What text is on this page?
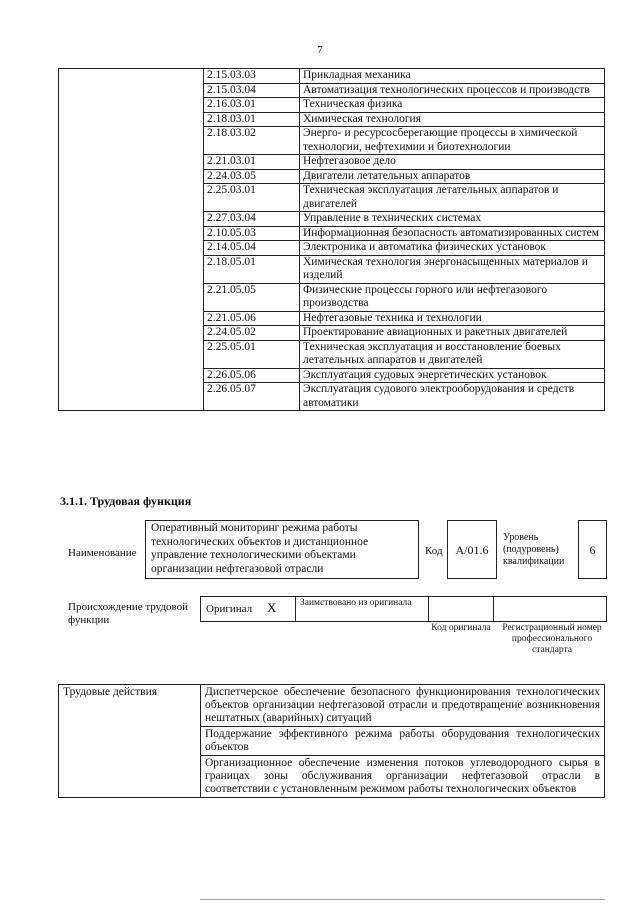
7
	2.15.03.03	Прикладная механика
	2.15.03.04	Автоматизация технологических процессов и производств
	2.16.03.01	Техническая физика
	2.18.03.01	Химическая технология
	2.18.03.02	Энерго- и ресурсосберегающие процессы в химической технологии, нефтехимии и биотехнологии
	2.21.03.01	Нефтегазовое дело
	2.24.03.05	Двигатели летательных аппаратов
	2.25.03.01	Техническая эксплуатация летательных аппаратов и двигателей
	2.27.03.04	Управление в технических системах
	2.10.05.03	Информационная безопасность автоматизированных систем
	2.14.05.04	Электроника и автоматика физических установок
	2.18.05.01	Химическая технология энергонасыщенных материалов и изделий
	2.21.05.05	Физические процессы горного или нефтегазового производства
	2.21.05.06	Нефтегазовые техника и технологии
	2.24.05.02	Проектирование авиационных и ракетных двигателей
	2.25.05.01	Техническая эксплуатация и восстановление боевых летательных аппаратов и двигателей
	2.26.05.06	Эксплуатация судовых энергетических установок
	2.26.05.07	Эксплуатация судового электрооборудования и средств автоматики
3.1.1. Трудовая функция
Наименование
Оперативный мониторинг режима работы технологических объектов и дистанционное управление технологическими объектами организации нефтегазовой отрасли
Код	А/01.6
Уровень (подуровень) квалификации
6
Происхождение трудовой функции
Оригинал X Заимствовано из оригинала
Код оригинала	Регистрационный номер профессионального стандарта
Трудовые действия	Диспетчерское обеспечение безопасного функционирования технологических объектов организации нефтегазовой отрасли и предотвращение возникновения нештатных (аварийных) ситуаций
Поддержание эффективного режима работы оборудования технологических объектов
Организационное обеспечение изменения потоков углеводородного сырья в границах зоны обслуживания организации нефтегазовой отрасли в соответствии с установленным режимом работы технологических объектов
